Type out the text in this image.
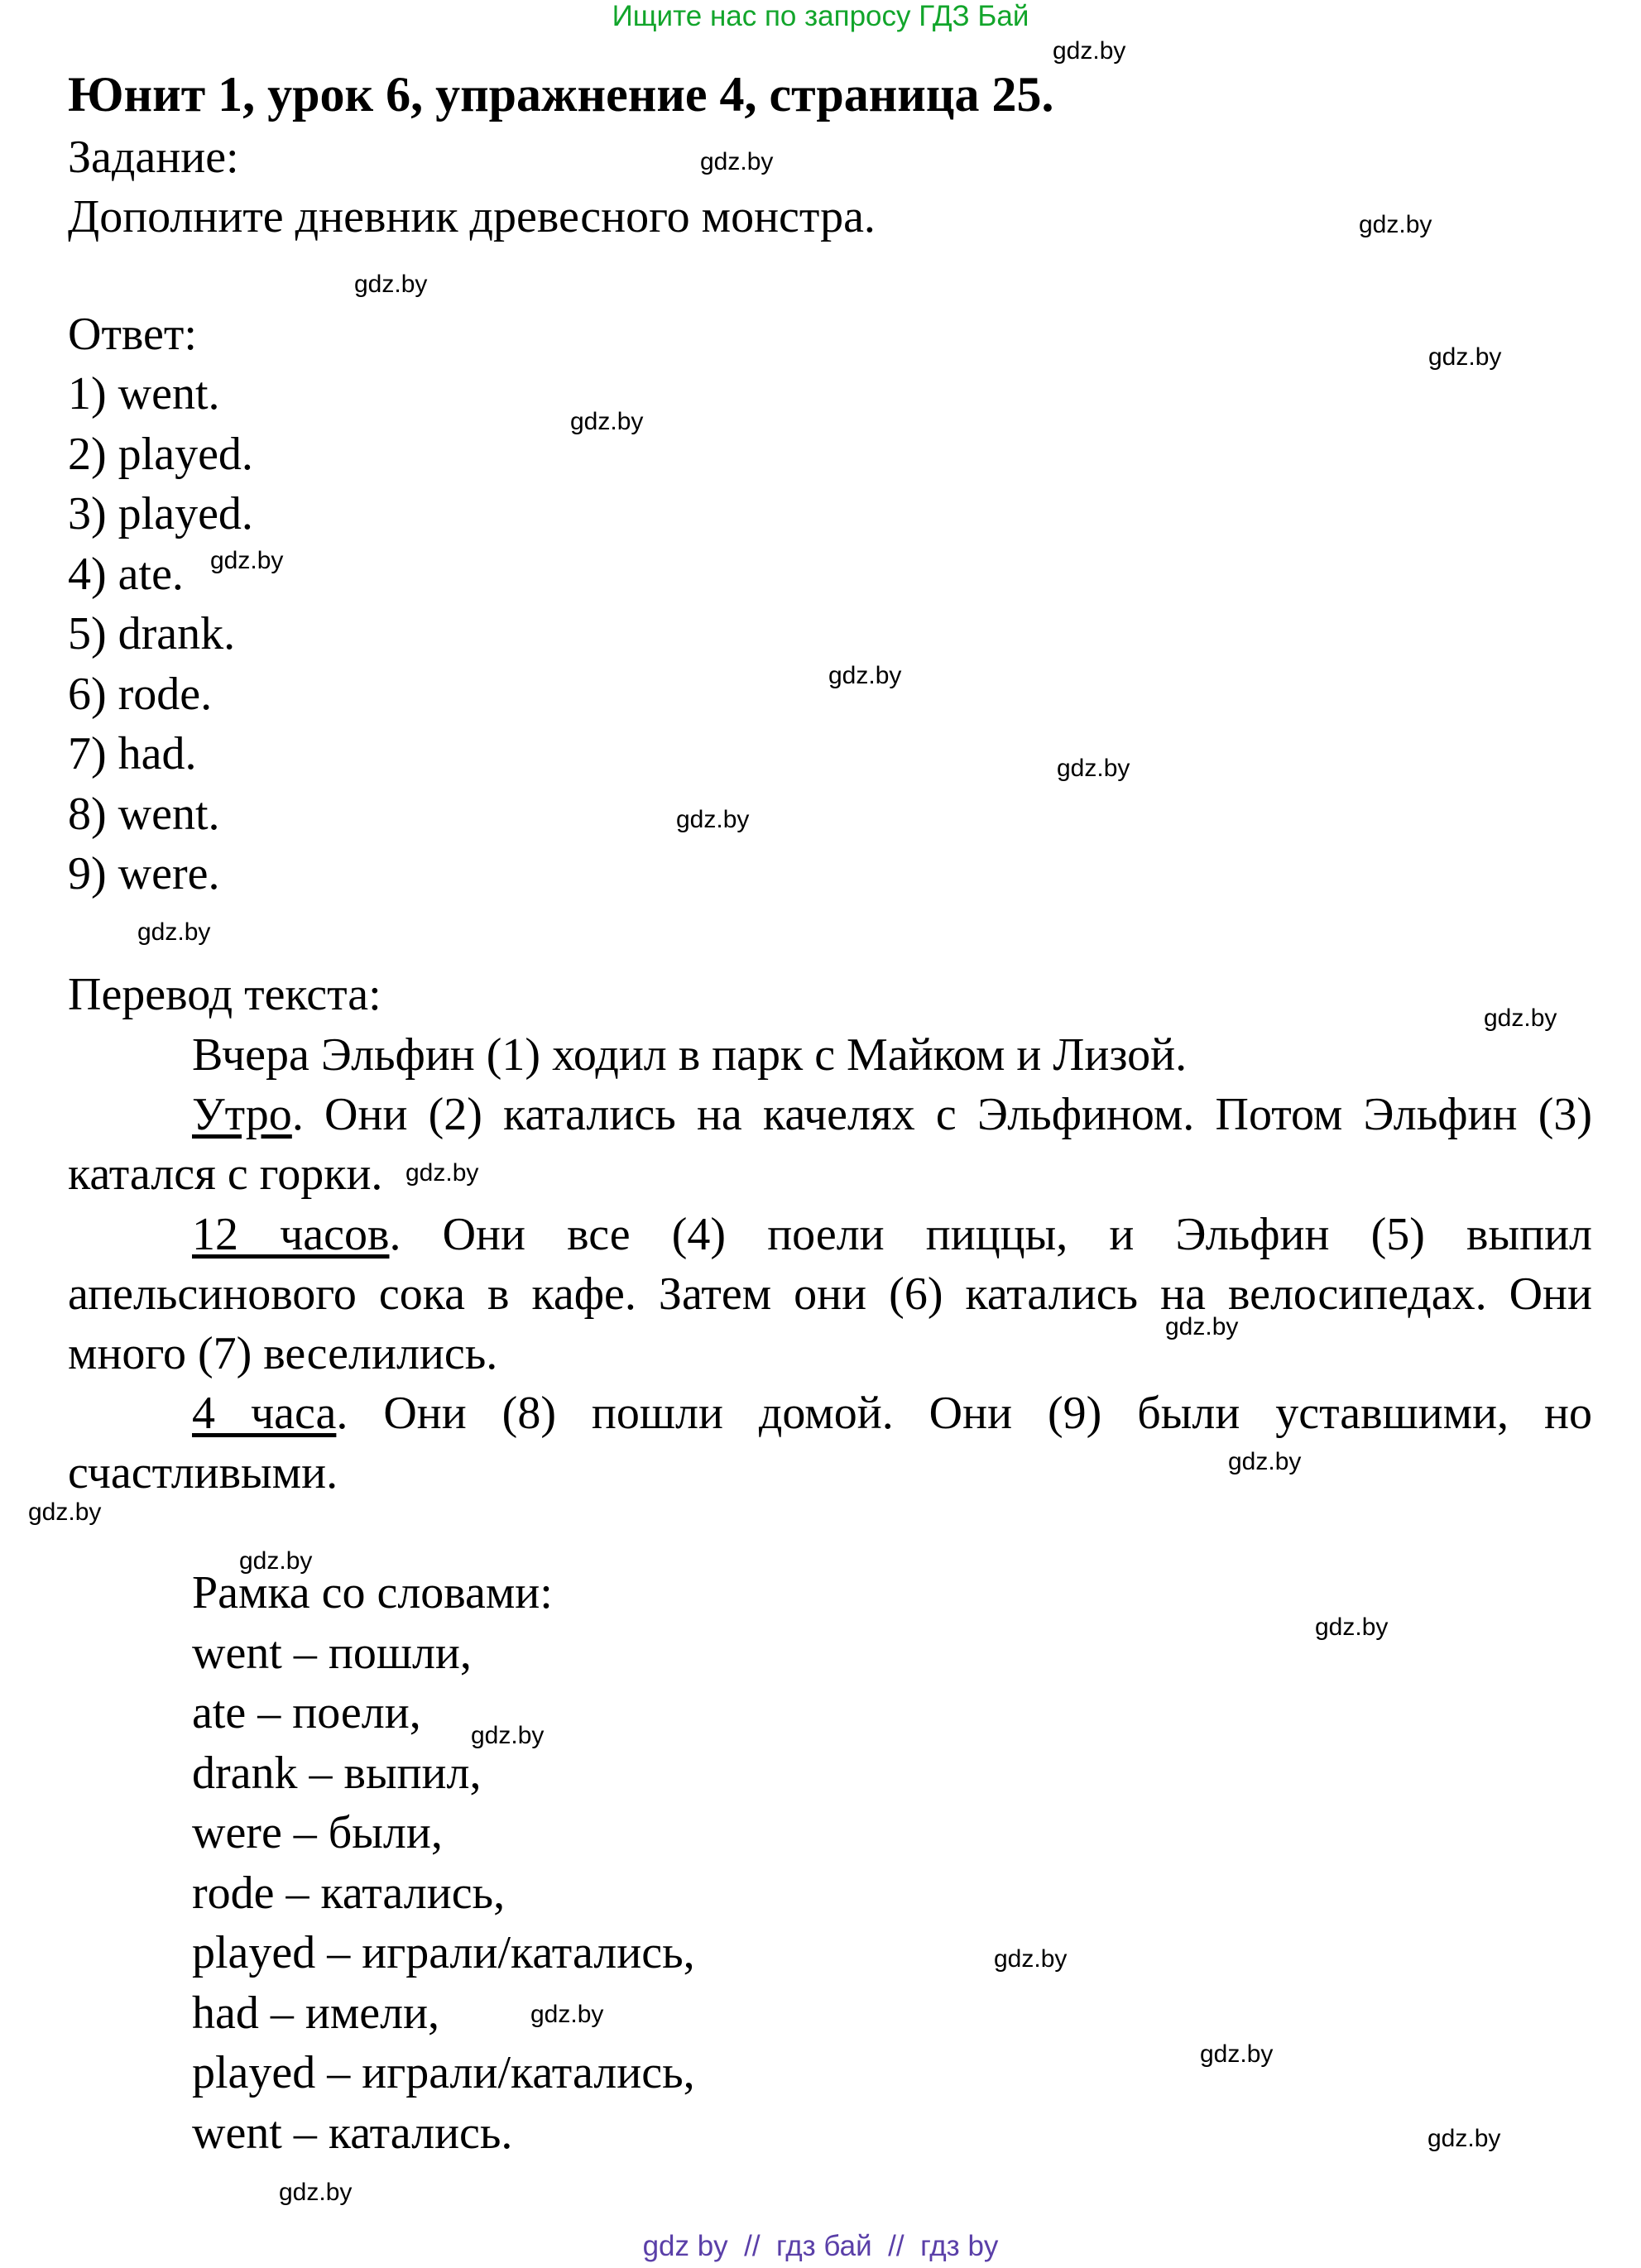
Ищите нас по запросу ГДЗ Бай
Юнит 1, урок 6, упражнение 4, страница 25.
Задание:
Дополните дневник древесного монстра.
Ответ:
1) went.
2) played.
3) played.
4) ate.
5) drank.
6) rode.
7) had.
8) went.
9) were.
Перевод текста:
Вчера Эльфин (1) ходил в парк с Майком и Лизой.
Утро. Они (2) катались на качелях с Эльфином. Потом Эльфин (3) катался с горки.
12 часов. Они все (4) поели пиццы, и Эльфин (5) выпил апельсинового сока в кафе. Затем они (6) катались на велосипедах. Они много (7) веселились.
4 часа. Они (8) пошли домой. Они (9) были уставшими, но счастливыми.
Рамка со словами:
went – пошли,
ate – поели,
drank – выпил,
were – были,
rode – катались,
played – играли/катались,
had – имели,
played – играли/катались,
went – катались.
gdz.by
gdz.by
gdz.by
gdz.by
gdz.by
gdz.by
gdz.by
gdz.by
gdz.by
gdz.by
gdz.by
gdz.by
gdz.by
gdz.by
gdz.by
gdz.by
gdz.by
gdz.by
gdz.by
gdz.by
gdz.by
gdz.by
gdz.by
gdz.by
gdz by // гдз бай // гдз by
